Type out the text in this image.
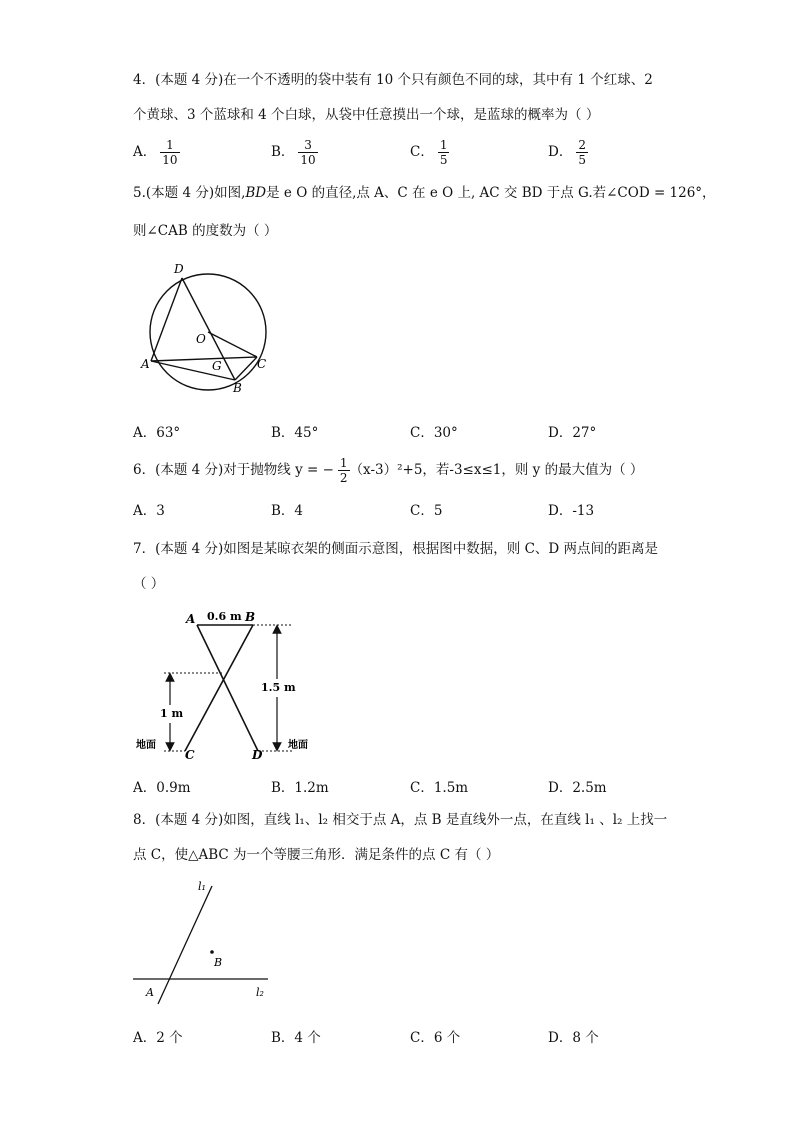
4．(本题 4 分)在一个不透明的袋中装有 10 个只有颜色不同的球，其中有 1 个红球、2
个黄球、3 个蓝球和 4 个白球，从袋中任意摸出一个球，是蓝球的概率为（ ）
A． $\frac{1}{10}$	B． $\frac{3}{10}$	C． $\frac{1}{5}$	D． $\frac{2}{5}$
5.(本题 4 分)如图,BD是 e O 的直径,点 A、C 在 e O 上, AC 交 BD 于点 G.若∠COD = 126°，
则∠CAB 的度数为（ ）
D
O
A	G	C
B
A．63°	B．45°	C．30°	D．27°
6．(本题 4 分)对于抛物线 y = − $\frac{1}{2} (x-3)^2+5$，若-3≤x≤1，则 y 的最大值为（ ）
A．3	B．4	C．5	D．-13
7．(本题 4 分)如图是某晾衣架的侧面示意图，根据图中数据，则 C、D 两点间的距离是
（ ）
A 0.6 m B
1 m
1.5 m
地面
C	D
地面
A．0.9m	B．1.2m	C．1.5m	D．2.5m
8．(本题 4 分)如图，直线 l₁、l₂ 相交于点 A，点 B 是直线外一点，在直线 l₁ 、l₂ 上找一
点 C，使△ABC 为一个等腰三角形．满足条件的点 C 有（ ）
l₁
B
A	l₂
A．2 个	B．4 个	C．6 个	D．8 个
